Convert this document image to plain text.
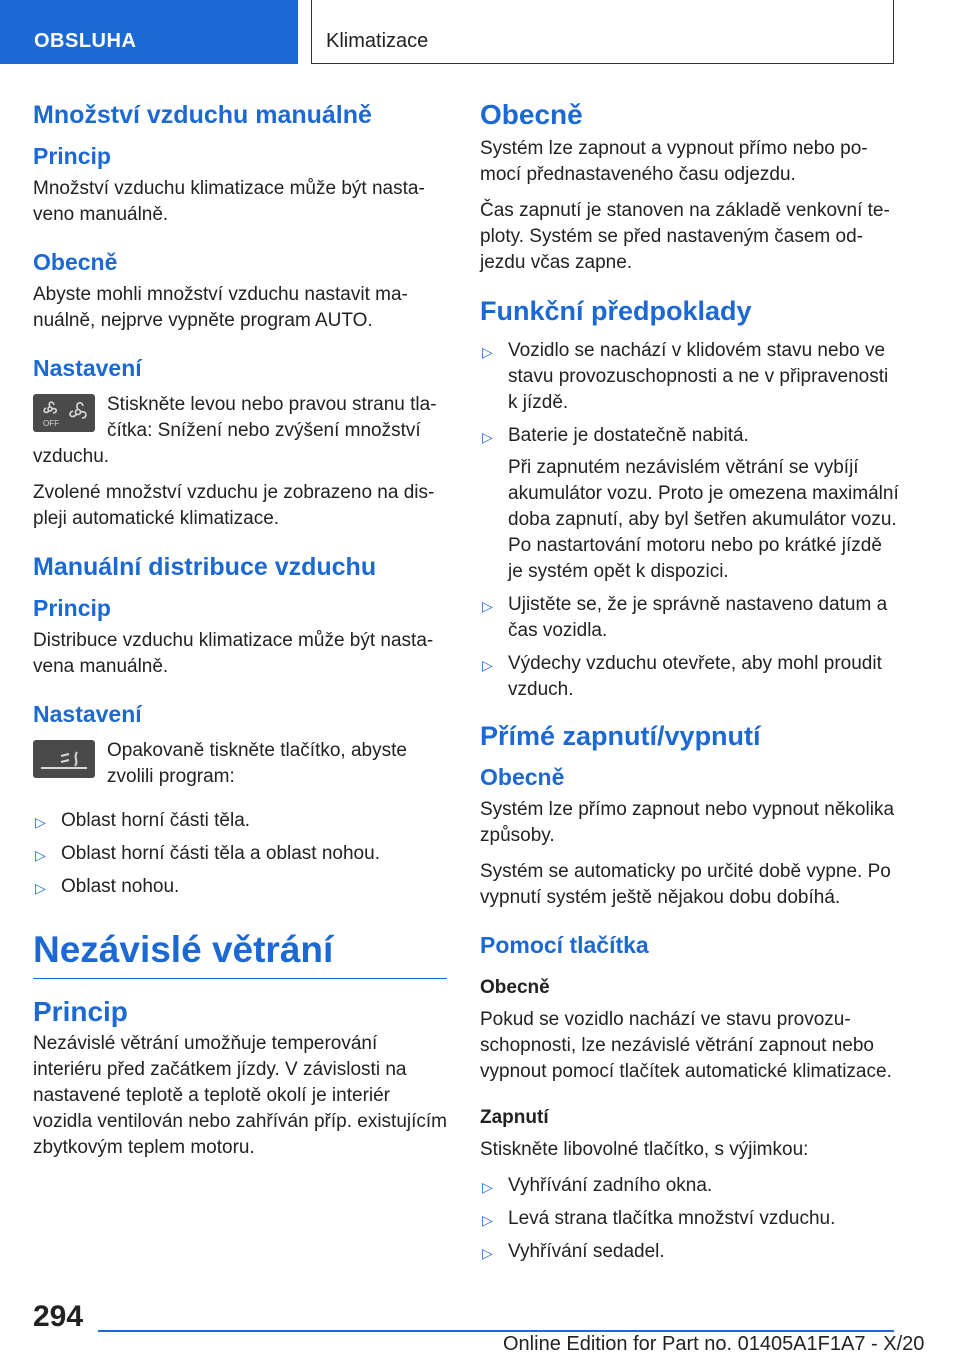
OBSLUHA	Klimatizace
Množství vzduchu manuálně
Princip

Množství vzduchu klimatizace může být nastaveno manuálně.

Obecně

Abyste mohli množství vzduchu nastavit manuálně, nejprve vypněte program AUTO.

Nastavení
OFF
Stiskněte levou nebo pravou stranu tlačítka: Snížení nebo zvýšení množství vzduchu.

Zvolené množství vzduchu je zobrazeno na displeji automatické klimatizace.

Manuální distribuce vzduchu
Princip

Distribuce vzduchu klimatizace může být nastavena manuálně.

Nastavení
Opakovaně tiskněte tlačítko, abyste zvolili program:
▷ Oblast horní části těla.
▷ Oblast horní části těla a oblast nohou.
▷ Oblast nohou.
Nezávislé větrání
Princip

Nezávislé větrání umožňuje temperování interiéru před začátkem jízdy. V závislosti na nastavené teplotě a teplotě okolí je interiér vozidla ventilován nebo zahříván příp. existujícím zbytkovým teplem motoru.

Obecně

Systém lze zapnout a vypnout přímo nebo pomocí přednastaveného času odjezdu.

Čas zapnutí je stanoven na základě venkovní teploty. Systém se před nastaveným časem odjezdu včas zapne.

Funkční předpoklady
▷ Vozidlo se nachází v klidovém stavu nebo ve stavu provozuschopnosti a ne v připravenosti k jízdě.
▷ Baterie je dostatečně nabitá.

Při zapnutém nezávislém větrání se vybíjí akumulátor vozu. Proto je omezena maximální doba zapnutí, aby byl šetřen akumulátor vozu. Po nastartování motoru nebo po krátké jízdě je systém opět k dispozici.

▷ Ujistěte se, že je správně nastaveno datum a čas vozidla.
▷ Výdechy vzduchu otevřete, aby mohl proudit vzduch.
Přímé zapnutí/vypnutí
Obecně

Systém lze přímo zapnout nebo vypnout několika způsoby.

Systém se automaticky po určité době vypne. Po vypnutí systém ještě nějakou dobu dobíhá.

Pomocí tlačítka
Obecně

Pokud se vozidlo nachází ve stavu provozuschopnosti, lze nezávislé větrání zapnout nebo vypnout pomocí tlačítek automatické klimatizace.

Zapnutí

Stiskněte libovolné tlačítko, s výjimkou:

▷ Vyhřívání zadního okna.
▷ Levá strana tlačítka množství vzduchu.
▷ Vyhřívání sedadel.
294
Online Edition for Part no. 01405A1F1A7 - X/20
